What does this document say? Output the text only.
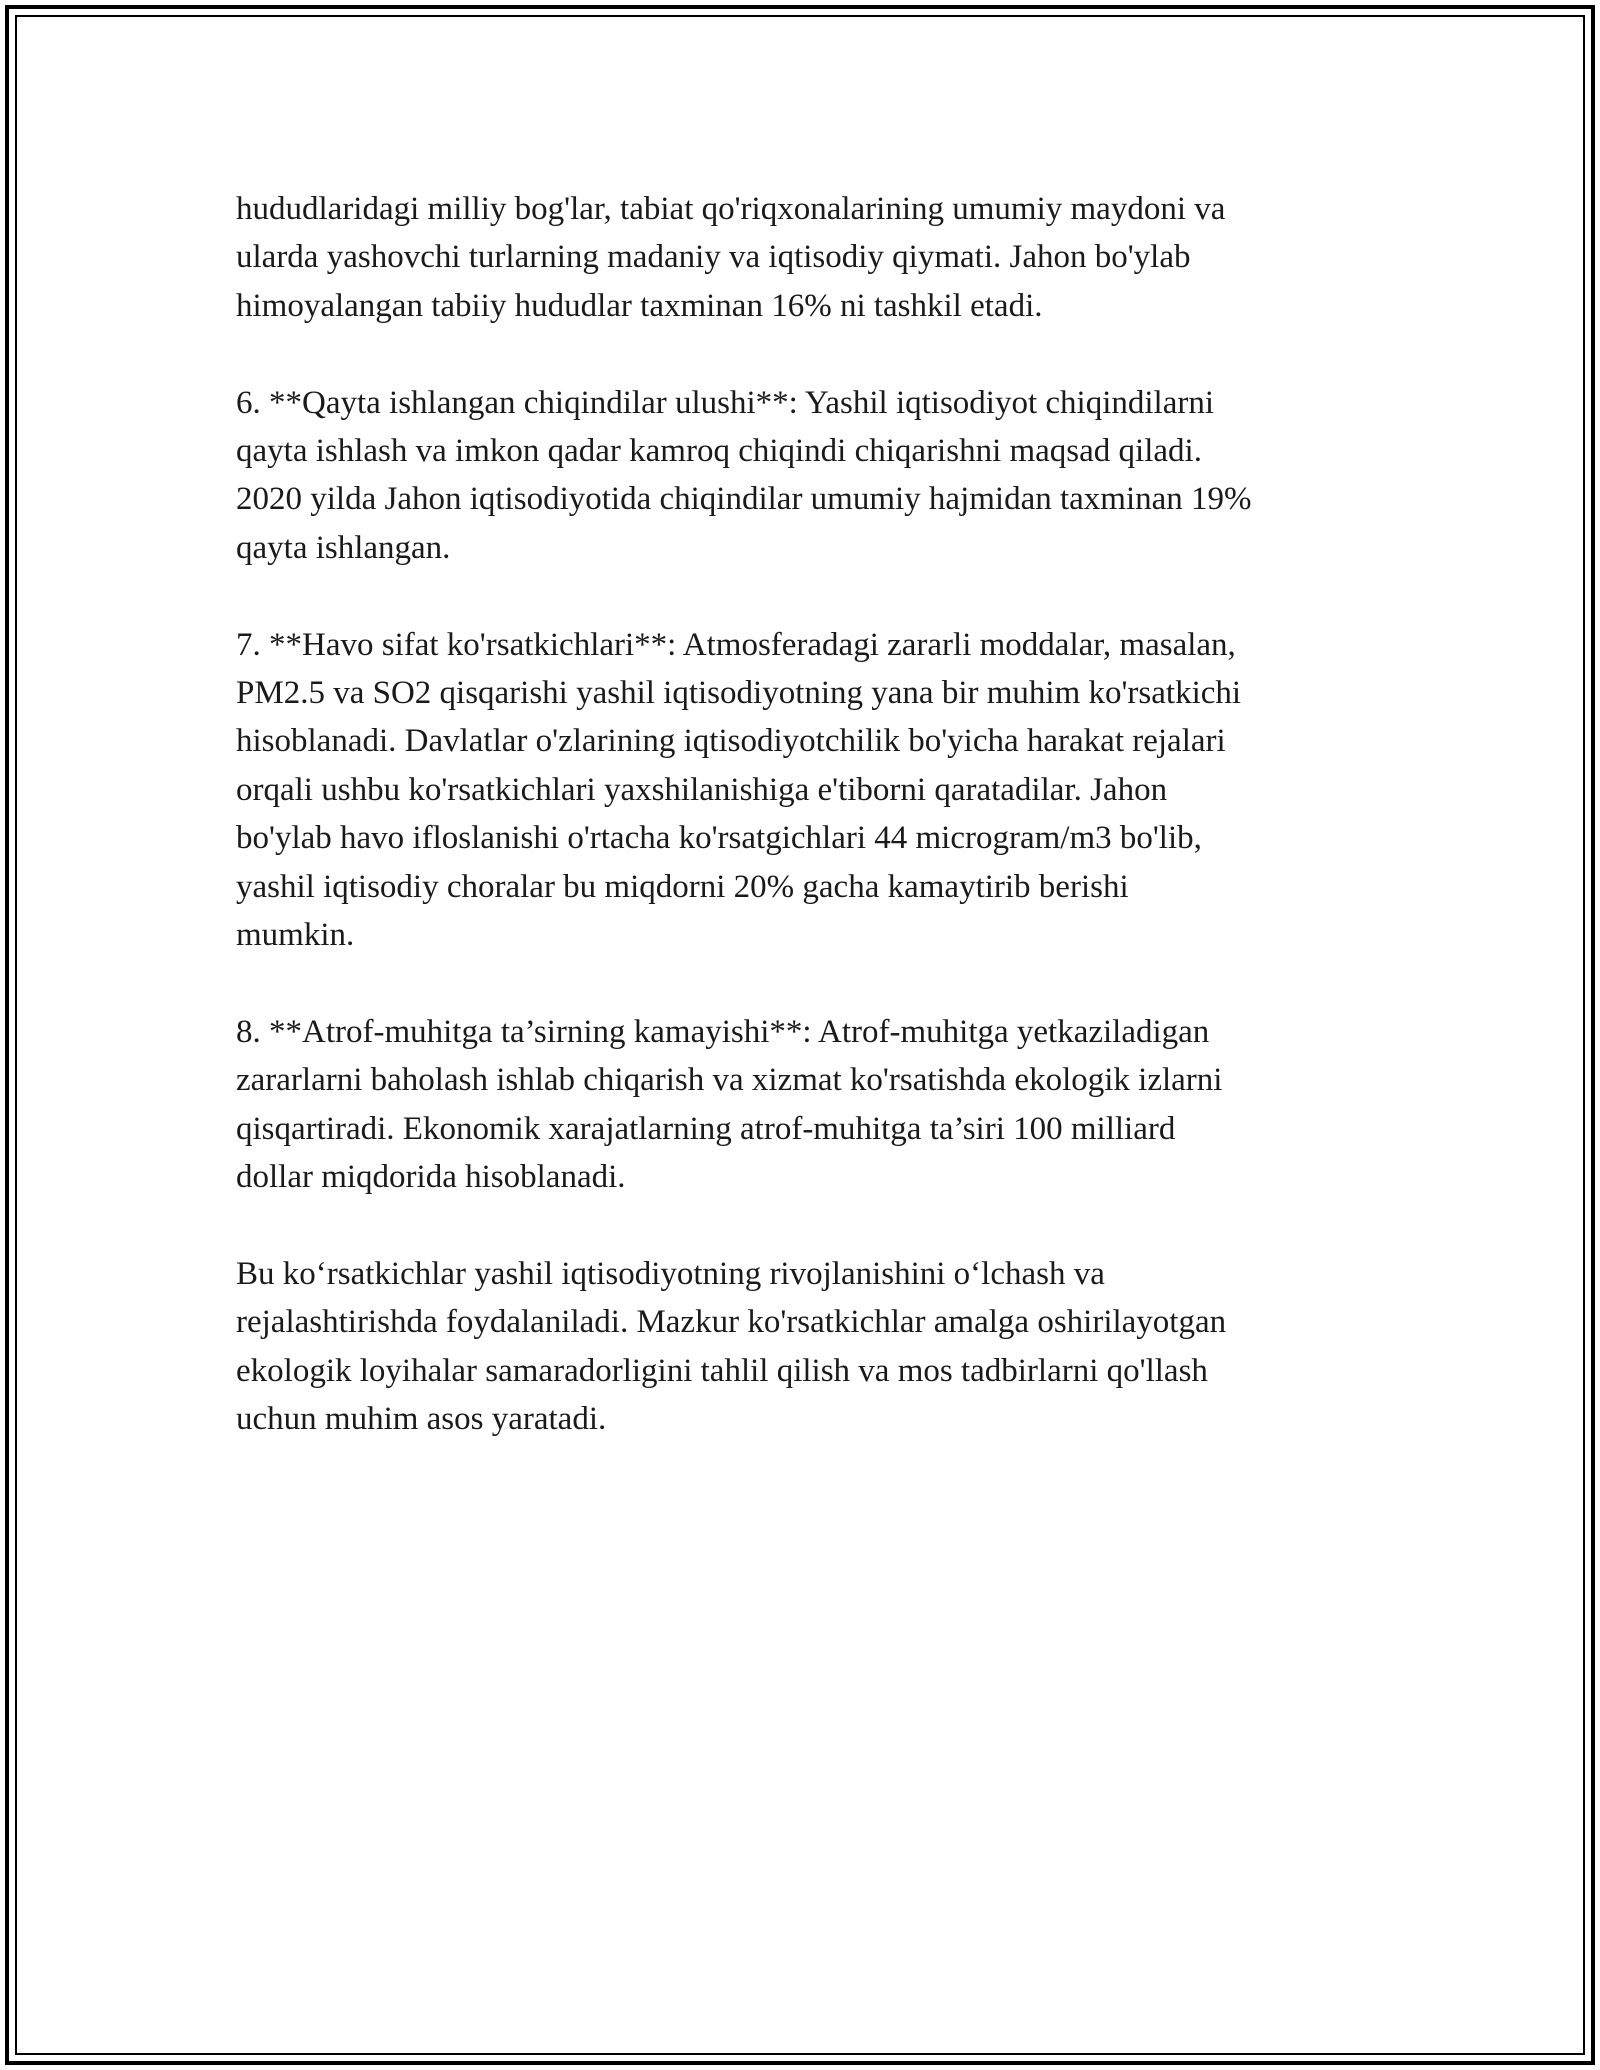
hududlaridagi milliy bog'lar, tabiat qo'riqxonalarining umumiy maydoni va
ularda yashovchi turlarning madaniy va iqtisodiy qiymati. Jahon bo'ylab
himoyalangan tabiiy hududlar taxminan 16% ni tashkil etadi.

6. **Qayta ishlangan chiqindilar ulushi**: Yashil iqtisodiyot chiqindilarni
qayta ishlash va imkon qadar kamroq chiqindi chiqarishni maqsad qiladi.
2020 yilda Jahon iqtisodiyotida chiqindilar umumiy hajmidan taxminan 19%
qayta ishlangan.

7. **Havo sifat ko'rsatkichlari**: Atmosferadagi zararli moddalar, masalan,
PM2.5 va SO2 qisqarishi yashil iqtisodiyotning yana bir muhim ko'rsatkichi
hisoblanadi. Davlatlar o'zlarining iqtisodiyotchilik bo'yicha harakat rejalari
orqali ushbu ko'rsatkichlari yaxshilanishiga e'tiborni qaratadilar. Jahon
bo'ylab havo ifloslanishi o'rtacha ko'rsatgichlari 44 microgram/m3 bo'lib,
yashil iqtisodiy choralar bu miqdorni 20% gacha kamaytirib berishi
mumkin.

8. **Atrof-muhitga ta’sirning kamayishi**: Atrof-muhitga yetkaziladigan
zararlarni baholash ishlab chiqarish va xizmat ko'rsatishda ekologik izlarni
qisqartiradi. Ekonomik xarajatlarning atrof-muhitga ta’siri 100 milliard
dollar miqdorida hisoblanadi.

Bu ko‘rsatkichlar yashil iqtisodiyotning rivojlanishini o‘lchash va
rejalashtirishda foydalaniladi. Mazkur ko'rsatkichlar amalga oshirilayotgan
ekologik loyihalar samaradorligini tahlil qilish va mos tadbirlarni qo'llash
uchun muhim asos yaratadi.
